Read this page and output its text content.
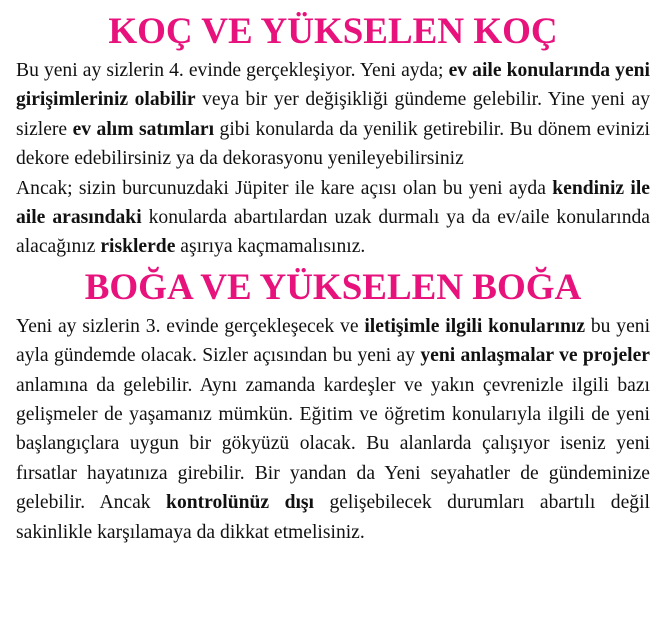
KOÇ VE YÜKSELEN KOÇ

Bu yeni ay sizlerin 4. evinde gerçekleşiyor. Yeni ayda; ev aile konularında yeni girişimleriniz olabilir veya bir yer değişikliği gündeme gelebilir. Yine yeni ay sizlere ev alım satımları gibi konularda da yenilik getirebilir. Bu dönem evinizi dekore edebilirsiniz ya da dekorasyonu yenileyebilirsiniz

Ancak; sizin burcunuzdaki Jüpiter ile kare açısı olan bu yeni ayda kendiniz ile aile arasındaki konularda abartılardan uzak durmalı ya da ev/aile konularında alacağınız risklerde aşırıya kaçmamalısınız.

BOĞA VE YÜKSELEN BOĞA

Yeni ay sizlerin 3. evinde gerçekleşecek ve iletişimle ilgili konularınız bu yeni ayla gündemde olacak. Sizler açısından bu yeni ay yeni anlaşmalar ve projeler anlamına da gelebilir. Aynı zamanda kardeşler ve yakın çevrenizle ilgili bazı gelişmeler de yaşamanız mümkün. Eğitim ve öğretim konularıyla ilgili de yeni başlangıçlara uygun bir gökyüzü olacak. Bu alanlarda çalışıyor iseniz yeni fırsatlar hayatınıza girebilir. Bir yandan da Yeni seyahatler de gündeminize gelebilir. Ancak kontrolünüz dışı gelişebilecek durumları abartılı değil sakinlikle karşılamaya da dikkat etmelisiniz.
